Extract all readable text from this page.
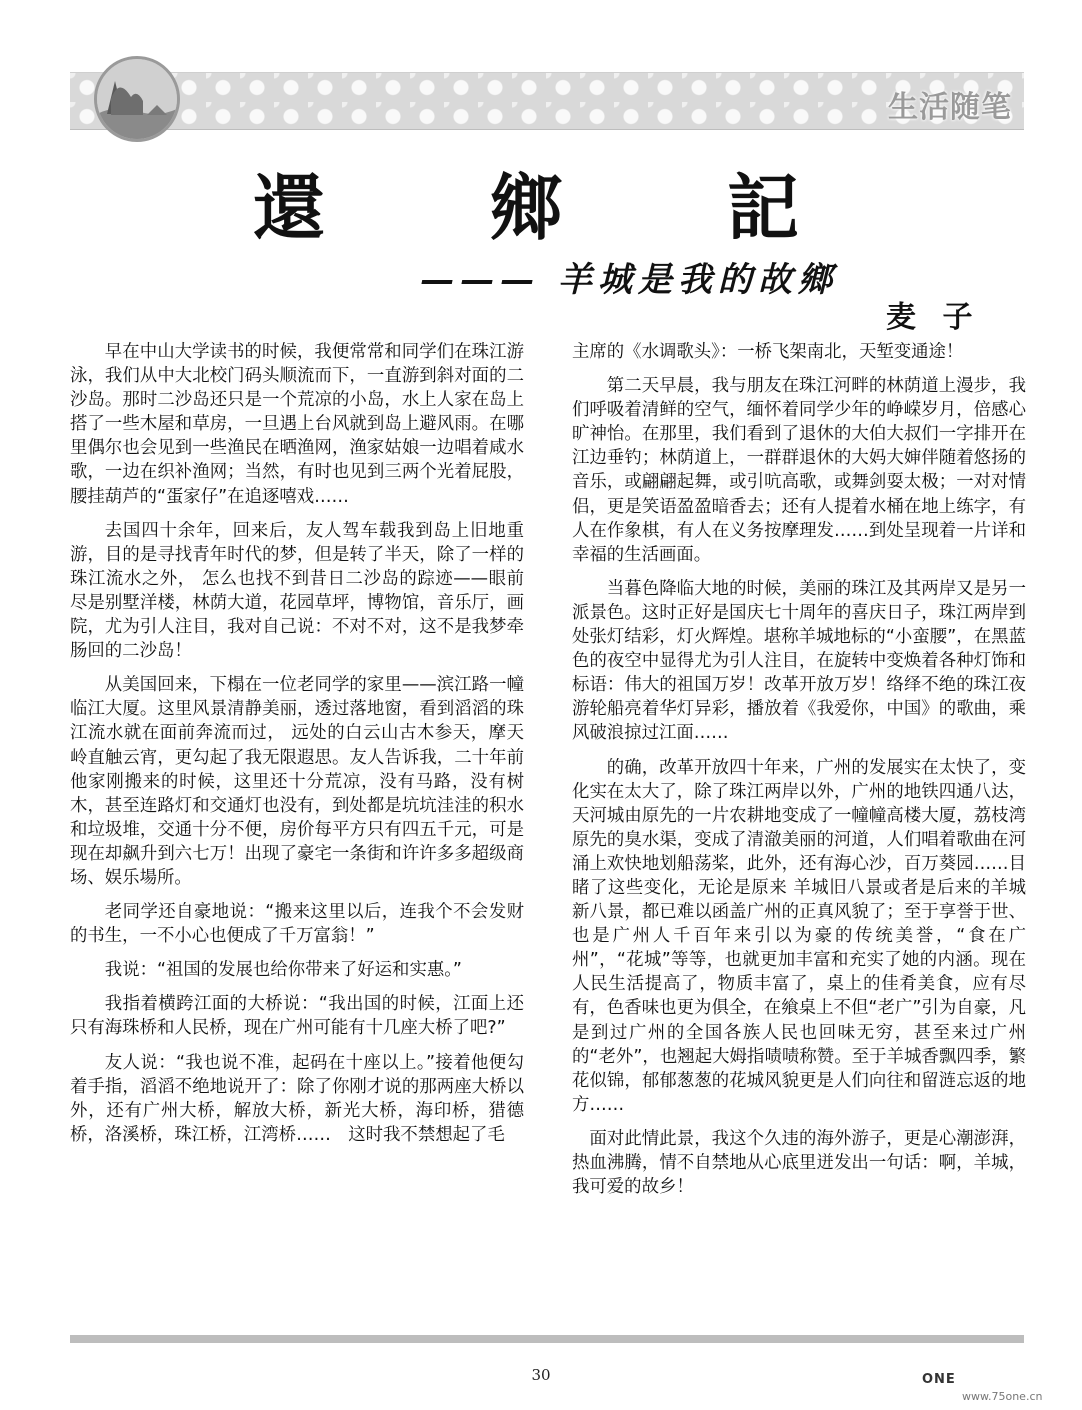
生活随笔
還 鄉 記
——— 羊城是我的故鄉
麦 子

早在中山大学读书的时候，我便常常和同学们在珠江游泳，我们从中大北校门码头顺流而下，一直游到斜对面的二沙岛。那时二沙岛还只是一个荒凉的小岛，水上人家在岛上搭了一些木屋和草房，一旦遇上台风就到岛上避风雨。在哪里偶尔也会见到一些渔民在晒渔网，渔家姑娘一边唱着咸水歌，一边在织补渔网；当然，有时也见到三两个光着屁股，腰挂葫芦的“蛋家仔”在追逐嘻戏……

去国四十余年，回来后，友人驾车载我到岛上旧地重游，目的是寻找青年时代的梦，但是转了半天，除了一样的珠江流水之外， 怎么也找不到昔日二沙岛的踪迹——眼前尽是别墅洋楼，林荫大道，花园草坪，博物馆，音乐厅，画院，尤为引人注目，我对自己说：不对不对，这不是我梦牵肠回的二沙岛！

从美国回来，下榻在一位老同学的家里——滨江路一幢临江大厦。这里风景清静美丽，透过落地窗，看到滔滔的珠江流水就在面前奔流而过， 远处的白云山古木参天，摩天岭直触云宵，更勾起了我无限遐思。友人告诉我，二十年前他家刚搬来的时候，这里还十分荒凉，没有马路，没有树木，甚至连路灯和交通灯也没有，到处都是坑坑洼洼的积水和垃圾堆，交通十分不便，房价每平方只有四五千元，可是现在却飙升到六七万！出现了豪宅一条街和许许多多超级商场、娱乐場所。

老同学还自豪地说：“搬来这里以后，连我个不会发财的书生，一不小心也便成了千万富翁！”

我说：“祖国的发展也给你带来了好运和实惠。”

我指着横跨江面的大桥说：“我出国的时候，江面上还只有海珠桥和人民桥，现在广州可能有十几座大桥了吧?”

友人说：“我也说不准，起码在十座以上。”接着他便勾着手指，滔滔不绝地说开了：除了你刚才说的那两座大桥以外，还有广州大桥，解放大桥，新光大桥，海印桥，猎德桥，洛溪桥，珠江桥，江湾桥……　这时我不禁想起了毛

主席的《水调歌头》：一桥飞架南北，天堑变通途！

第二天早晨，我与朋友在珠江河畔的林荫道上漫步，我们呼吸着清鲜的空气，缅怀着同学少年的峥嵘岁月，倍感心旷神怡。在那里，我们看到了退休的大伯大叔们一字排开在江边垂钓；林荫道上，一群群退休的大妈大婶伴随着悠扬的音乐，或翩翩起舞，或引吭高歌，或舞剑耍太极；一对对情侣，更是笑语盈盈暗香去；还有人提着水桶在地上练字，有人在作象棋，有人在义务按摩理发……到处呈现着一片详和幸福的生活画面。

当暮色降临大地的时候，美丽的珠江及其两岸又是另一派景色。这时正好是国庆七十周年的喜庆日子，珠江两岸到处张灯结彩，灯火辉煌。堪称羊城地标的“小蛮腰”，在黑蓝色的夜空中显得尤为引人注目，在旋转中变焕着各种灯饰和标语：伟大的祖国万岁！改革开放万岁！络绎不绝的珠江夜游轮船亮着华灯异彩，播放着《我爱你，中国》的歌曲，乘风破浪掠过江面……

的确，改革开放四十年来，广州的发展实在太快了，变化实在太大了，除了珠江两岸以外，广州的地铁四通八达，天河城由原先的一片农耕地变成了一幢幢高楼大厦，荔枝湾原先的臭水渠，变成了清澈美丽的河道，人们唱着歌曲在河涌上欢快地划船荡桨，此外，还有海心沙，百万葵园……目睹了这些变化，无论是原来 羊城旧八景或者是后来的羊城新八景，都已难以函盖广州的正真风貌了；至于享誉于世、也是广州人千百年来引以为豪的传统美誉，“食在广州”，“花城”等等，也就更加丰富和充实了她的内涵。现在人民生活提高了，物质丰富了，桌上的佳肴美食，应有尽有，色香味也更为俱全，在飨桌上不但“老广”引为自豪，凡是到过广州的全国各族人民也回味无穷，甚至来过广州的“老外”，也翘起大姆指啧啧称赞。至于羊城香飘四季，繁花似锦，郁郁葱葱的花城风貌更是人们向往和留涟忘返的地方……

面对此情此景，我这个久违的海外游子，更是心潮澎湃，热血沸腾，情不自禁地从心底里迸发出一句话：啊，羊城，我可爱的故乡！

30	ONE
www.75one.cn
